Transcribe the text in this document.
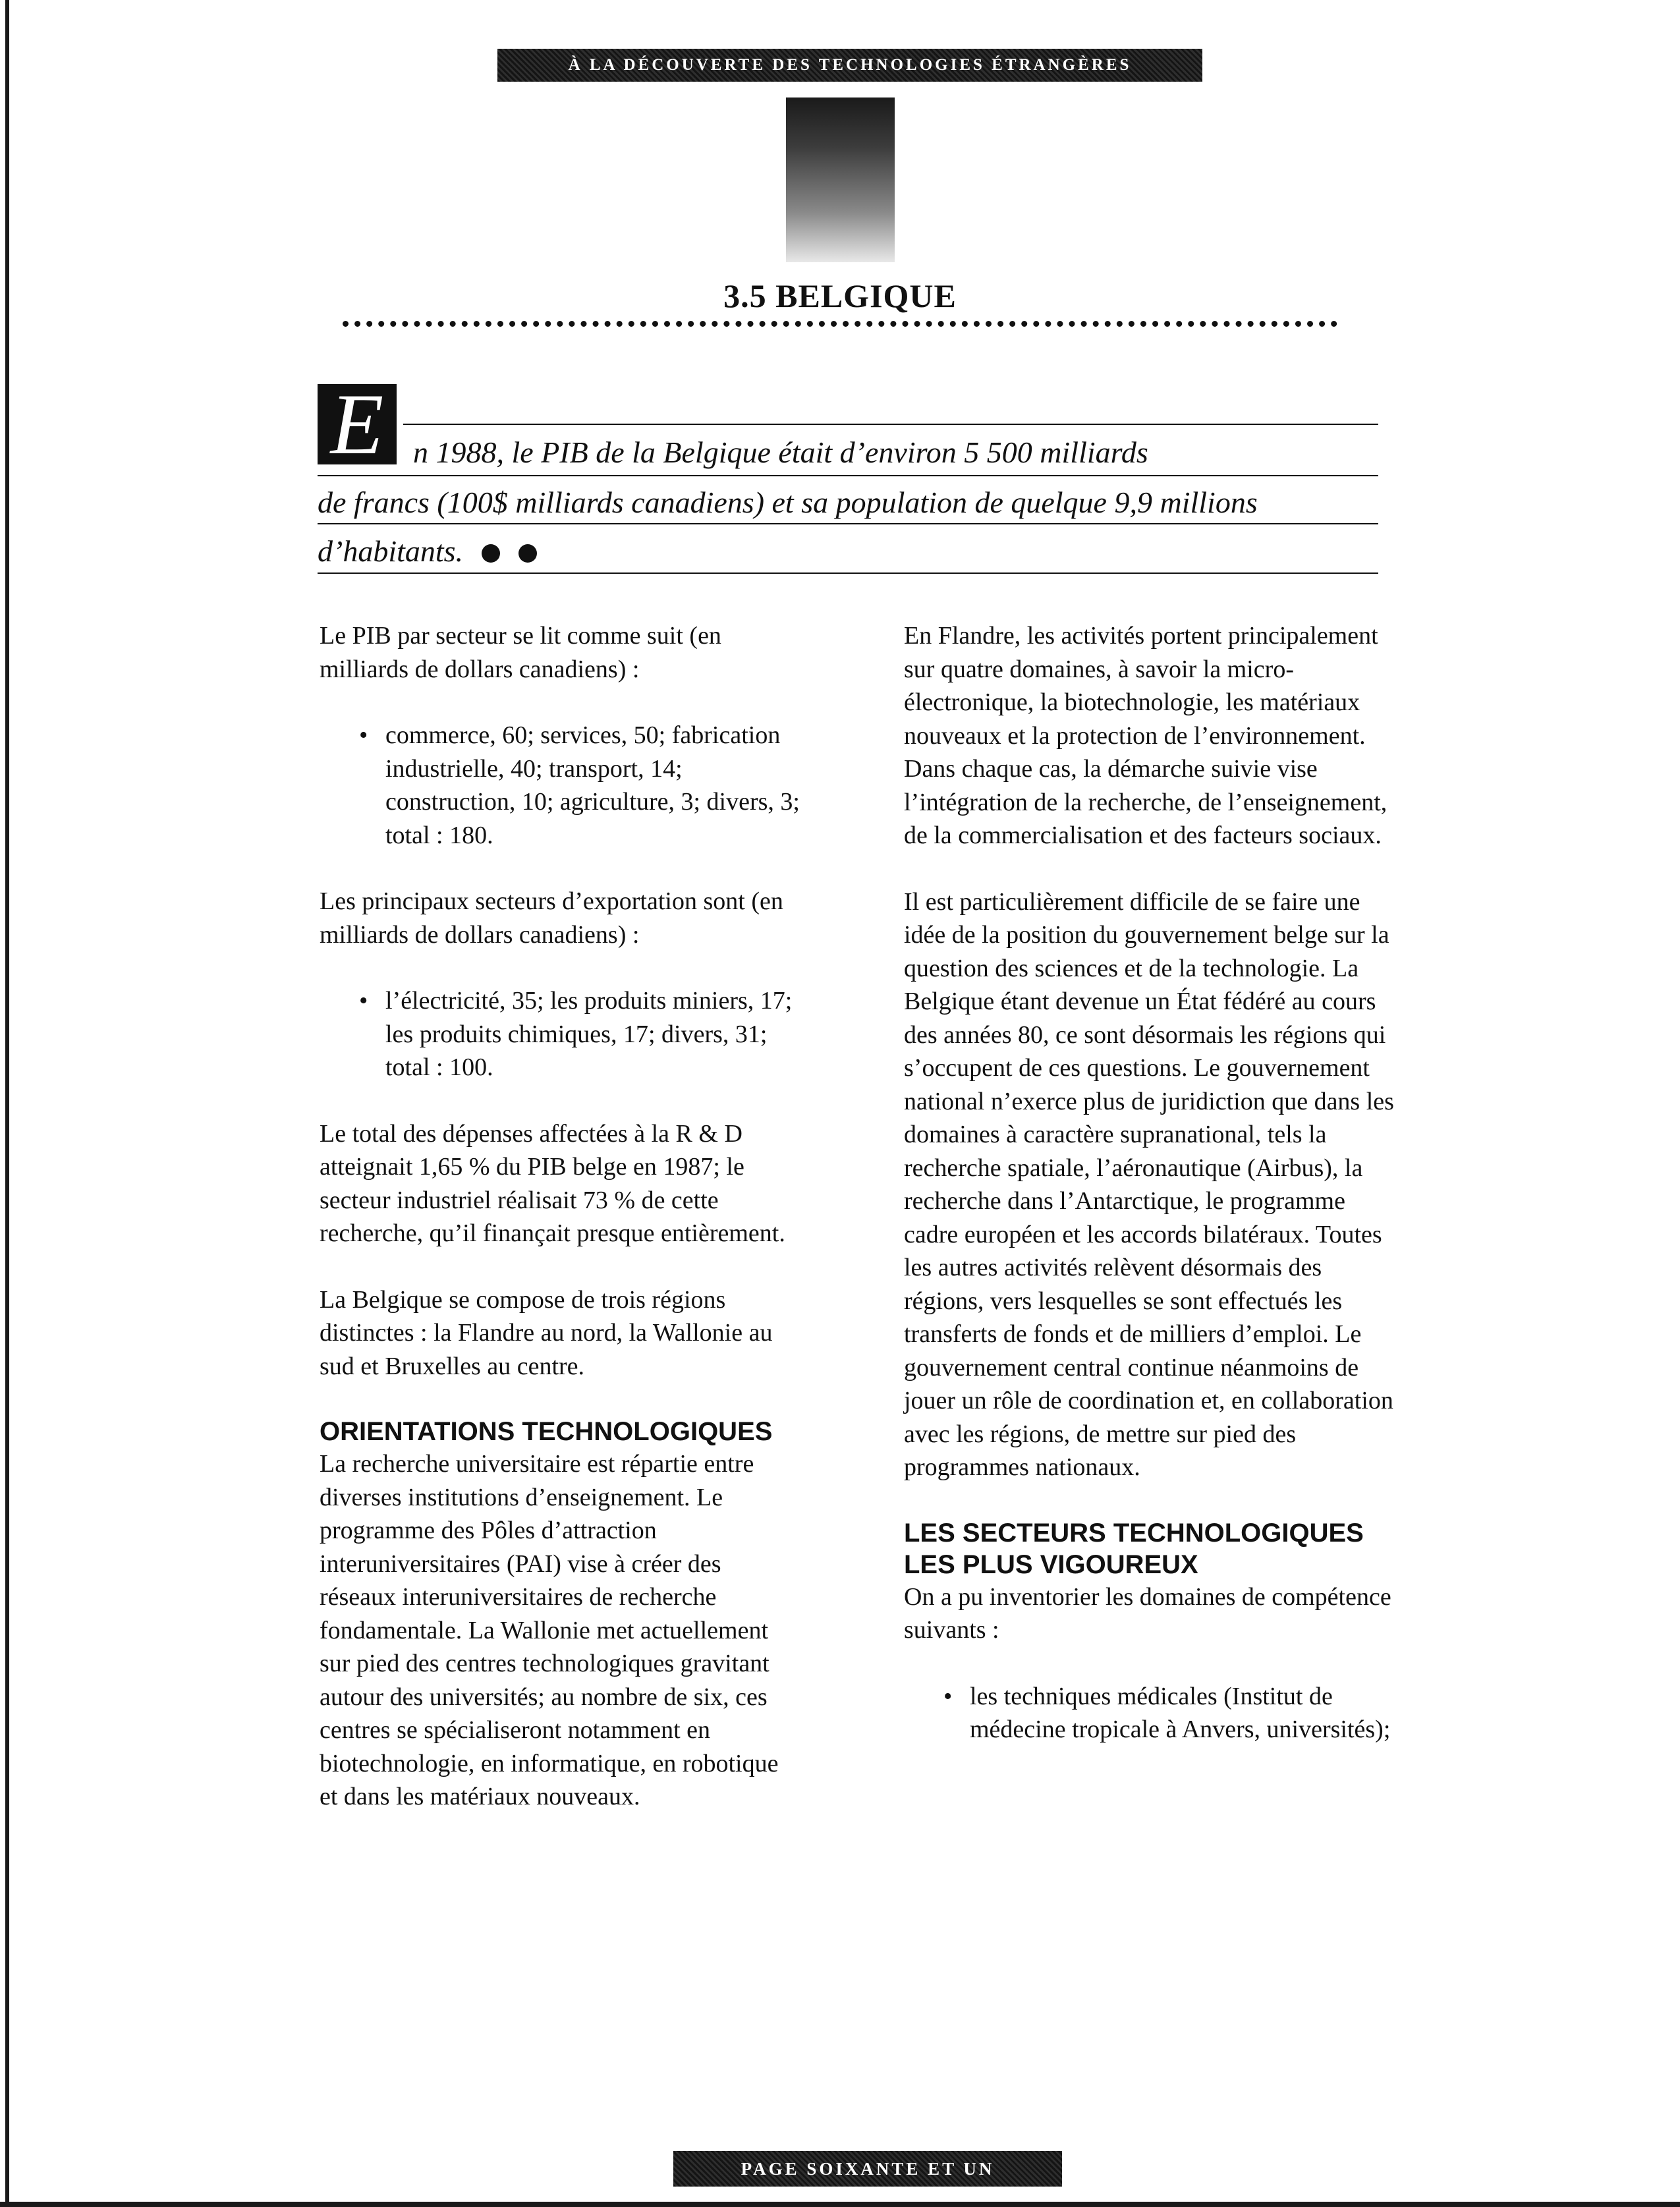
À LA DÉCOUVERTE DES TECHNOLOGIES ÉTRANGÈRES
3.5 BELGIQUE
E n 1988, le PIB de la Belgique était d’environ 5 500 milliards
de francs (100$ milliards canadiens) et sa population de quelque 9,9 millions
d’habitants.

Le PIB par secteur se lit comme suit (en milliards de dollars canadiens) :

• commerce, 60; services, 50; fabrication industrielle, 40; transport, 14; construction, 10; agriculture, 3; divers, 3; total : 180.

Les principaux secteurs d’exportation sont (en milliards de dollars canadiens) :

• l’électricité, 35; les produits miniers, 17; les produits chimiques, 17; divers, 31; total : 100.

Le total des dépenses affectées à la R & D atteignait 1,65 % du PIB belge en 1987; le secteur industriel réalisait 73 % de cette recherche, qu’il finançait presque entièrement.

La Belgique se compose de trois régions distinctes : la Flandre au nord, la Wallonie au sud et Bruxelles au centre.

ORIENTATIONS TECHNOLOGIQUES

La recherche universitaire est répartie entre diverses institutions d’enseignement. Le programme des Pôles d’attraction interuniversitaires (PAI) vise à créer des réseaux interuniversitaires de recherche fondamentale. La Wallonie met actuellement sur pied des centres technologiques gravitant autour des universités; au nombre de six, ces centres se spécialiseront notamment en biotechnologie, en informatique, en robotique et dans les matériaux nouveaux.

En Flandre, les activités portent principalement sur quatre domaines, à savoir la micro-électronique, la biotechnologie, les matériaux nouveaux et la protection de l’environnement. Dans chaque cas, la démarche suivie vise l’intégration de la recherche, de l’enseignement, de la commercialisation et des facteurs sociaux.

Il est particulièrement difficile de se faire une idée de la position du gouvernement belge sur la question des sciences et de la technologie. La Belgique étant devenue un État fédéré au cours des années 80, ce sont désormais les régions qui s’occupent de ces questions. Le gouvernement national n’exerce plus de juridiction que dans les domaines à caractère supranational, tels la recherche spatiale, l’aéronautique (Airbus), la recherche dans l’Antarctique, le programme cadre européen et les accords bilatéraux. Toutes les autres activités relèvent désormais des régions, vers lesquelles se sont effectués les transferts de fonds et de milliers d’emploi. Le gouvernement central continue néanmoins de jouer un rôle de coordination et, en collaboration avec les régions, de mettre sur pied des programmes nationaux.

LES SECTEURS TECHNOLOGIQUES LES PLUS VIGOUREUX

On a pu inventorier les domaines de compétence suivants :

• les techniques médicales (Institut de médecine tropicale à Anvers, universités);
PAGE SOIXANTE ET UN
